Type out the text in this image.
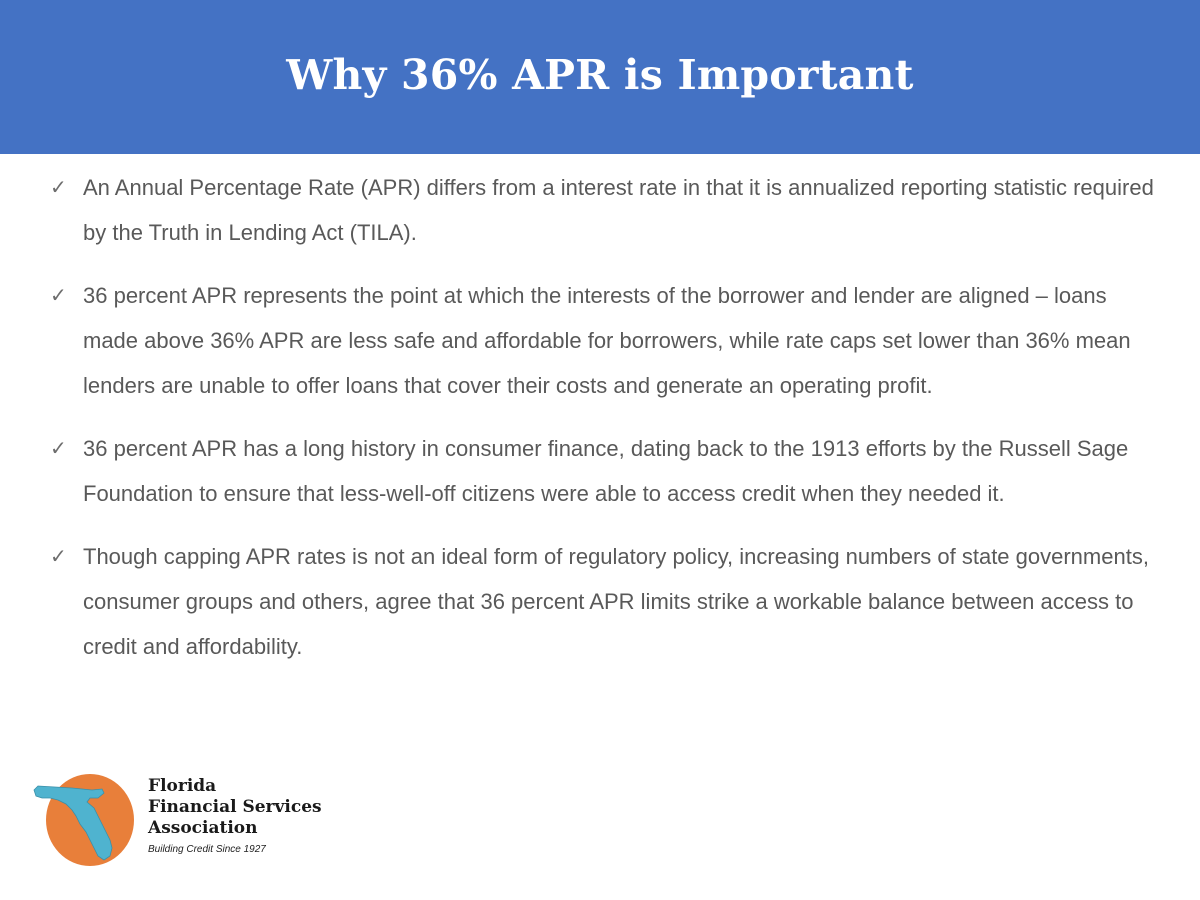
Why 36% APR is Important
✓ An Annual Percentage Rate (APR) differs from a interest rate in that it is annualized reporting statistic required by the Truth in Lending Act (TILA).
✓ 36 percent APR represents the point at which the interests of the borrower and lender are aligned – loans made above 36% APR are less safe and affordable for borrowers, while rate caps set lower than 36% mean lenders are unable to offer loans that cover their costs and generate an operating profit.
✓ 36 percent APR has a long history in consumer finance, dating back to the 1913 efforts by the Russell Sage Foundation to ensure that less-well-off citizens were able to access credit when they needed it.
✓ Though capping APR rates is not an ideal form of regulatory policy, increasing numbers of state governments, consumer groups and others, agree that 36 percent APR limits strike a workable balance between access to credit and affordability.
Florida
Financial Services
Association
Building Credit Since 1927
